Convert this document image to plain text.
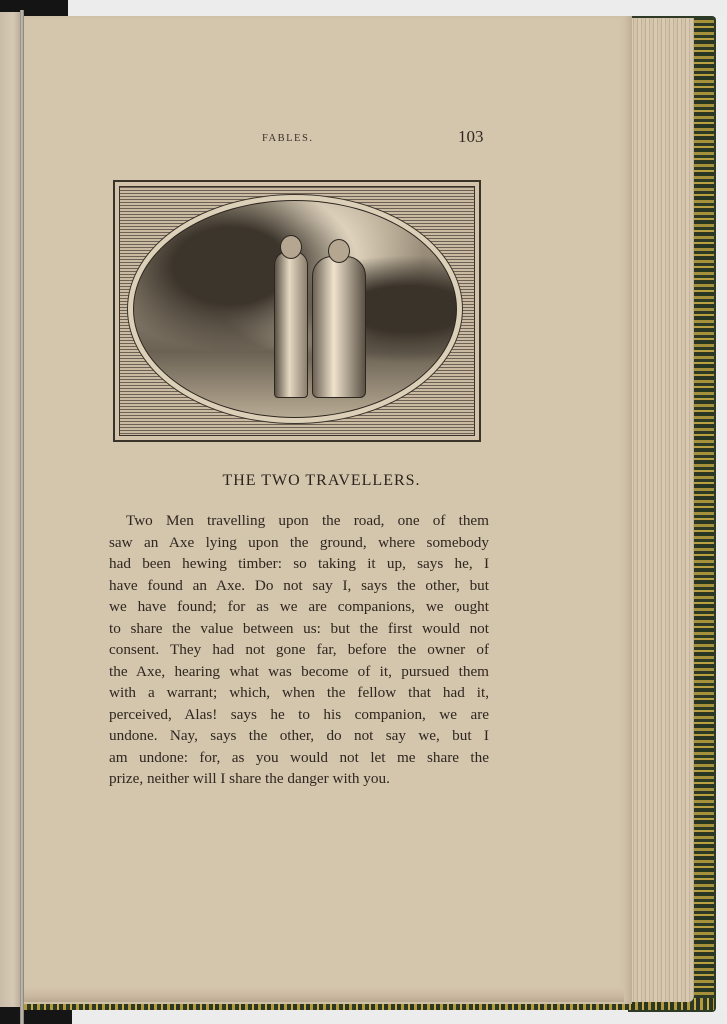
FABLES.	103
THE TWO TRAVELLERS.
Two Men travelling upon the road, one of them
saw an Axe lying upon the ground, where somebody
had been hewing timber: so taking it up, says he, I
have found an Axe. Do not say I, says the other, but
we have found; for as we are companions, we ought
to share the value between us: but the first would not
consent. They had not gone far, before the owner of
the Axe, hearing what was become of it, pursued them
with a warrant; which, when the fellow that had it,
perceived, Alas! says he to his companion, we are
undone. Nay, says the other, do not say we, but I
am undone: for, as you would not let me share the
prize, neither will I share the danger with you.
